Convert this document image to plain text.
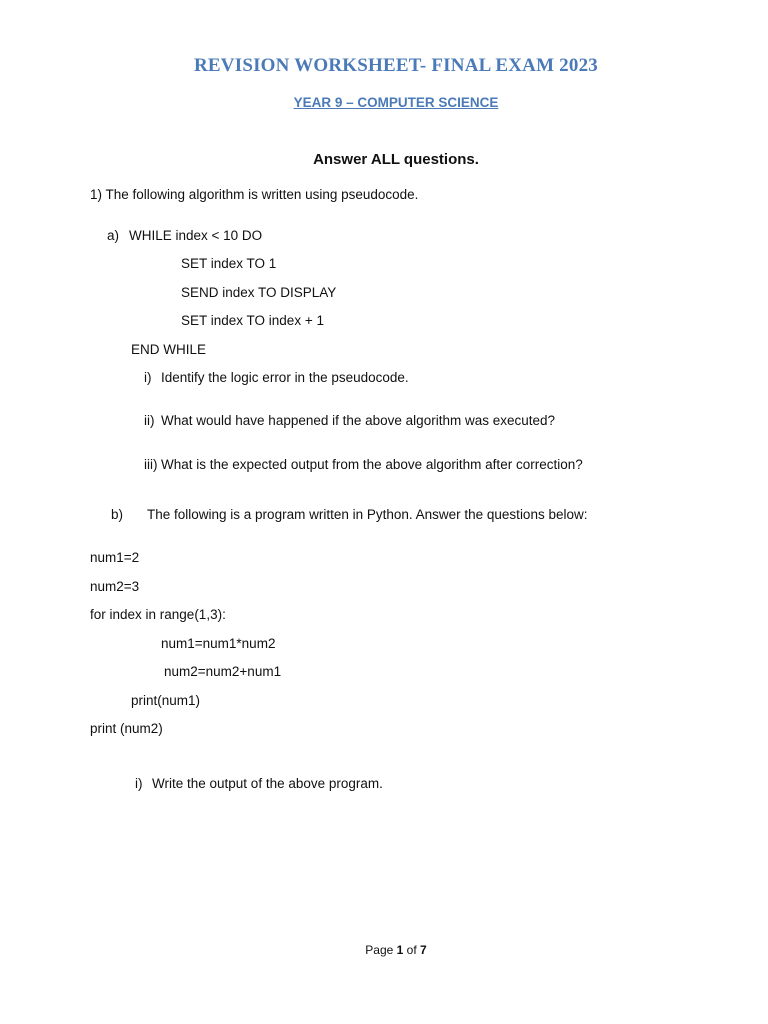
REVISION WORKSHEET- FINAL EXAM 2023
YEAR 9 – COMPUTER SCIENCE
Answer ALL questions.
1) The following algorithm is written using pseudocode.
a) WHILE index < 10 DO
SET index TO 1
SEND index TO DISPLAY
SET index TO index + 1
END WHILE
i) Identify the logic error in the pseudocode.
ii) What would have happened if the above algorithm was executed?
iii) What is the expected output from the above algorithm after correction?
b) The following is a program written in Python. Answer the questions below:
num1=2
num2=3
for index in range(1,3):
num1=num1*num2
num2=num2+num1
print(num1)
print (num2)
i) Write the output of the above program.
Page 1 of 7
